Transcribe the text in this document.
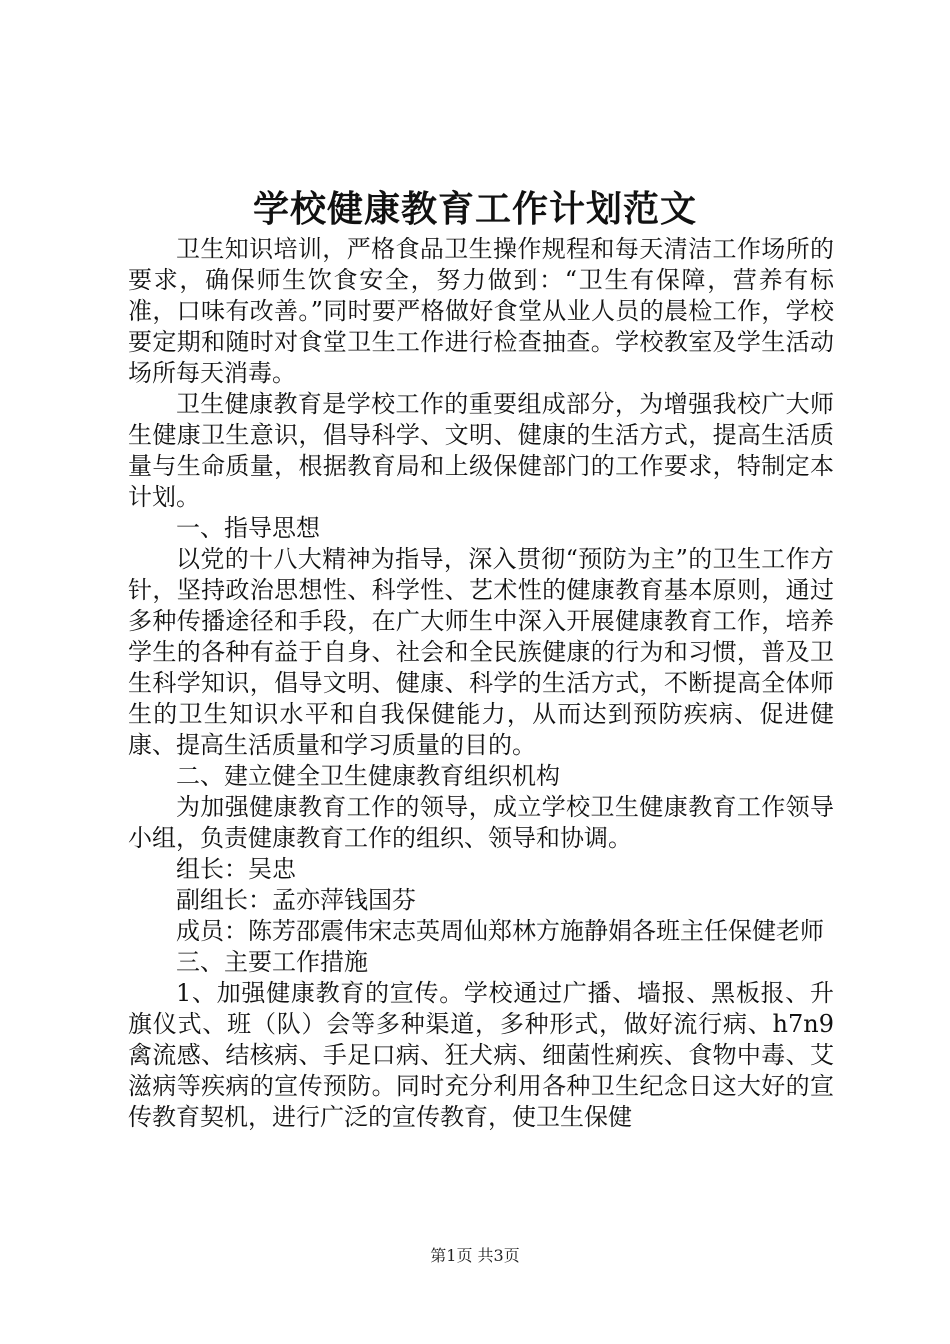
学校健康教育工作计划范文

卫生知识培训，严格食品卫生操作规程和每天清洁工作场所的要求，确保师生饮食安全，努力做到：“卫生有保障，营养有标准，口味有改善。”同时要严格做好食堂从业人员的晨检工作，学校要定期和随时对食堂卫生工作进行检查抽查。学校教室及学生活动场所每天消毒。

卫生健康教育是学校工作的重要组成部分，为增强我校广大师生健康卫生意识，倡导科学、文明、健康的生活方式，提高生活质量与生命质量，根据教育局和上级保健部门的工作要求，特制定本计划。

一、指导思想

以党的十八大精神为指导，深入贯彻“预防为主”的卫生工作方针，坚持政治思想性、科学性、艺术性的健康教育基本原则，通过多种传播途径和手段，在广大师生中深入开展健康教育工作，培养学生的各种有益于自身、社会和全民族健康的行为和习惯，普及卫生科学知识，倡导文明、健康、科学的生活方式，不断提高全体师生的卫生知识水平和自我保健能力，从而达到预防疾病、促进健康、提高生活质量和学习质量的目的。

二、建立健全卫生健康教育组织机构

为加强健康教育工作的领导，成立学校卫生健康教育工作领导小组，负责健康教育工作的组织、领导和协调。

组长：吴忠

副组长：孟亦萍钱国芬

成员：陈芳邵震伟宋志英周仙郑林方施静娟各班主任保健老师

三、主要工作措施

1、加强健康教育的宣传。学校通过广播、墙报、黑板报、升旗仪式、班（队）会等多种渠道，多种形式，做好流行病、h7n9禽流感、结核病、手足口病、狂犬病、细菌性痢疾、食物中毒、艾滋病等疾病的宣传预防。同时充分利用各种卫生纪念日这大好的宣传教育契机，进行广泛的宣传教育，使卫生保健

第1页 共3页
